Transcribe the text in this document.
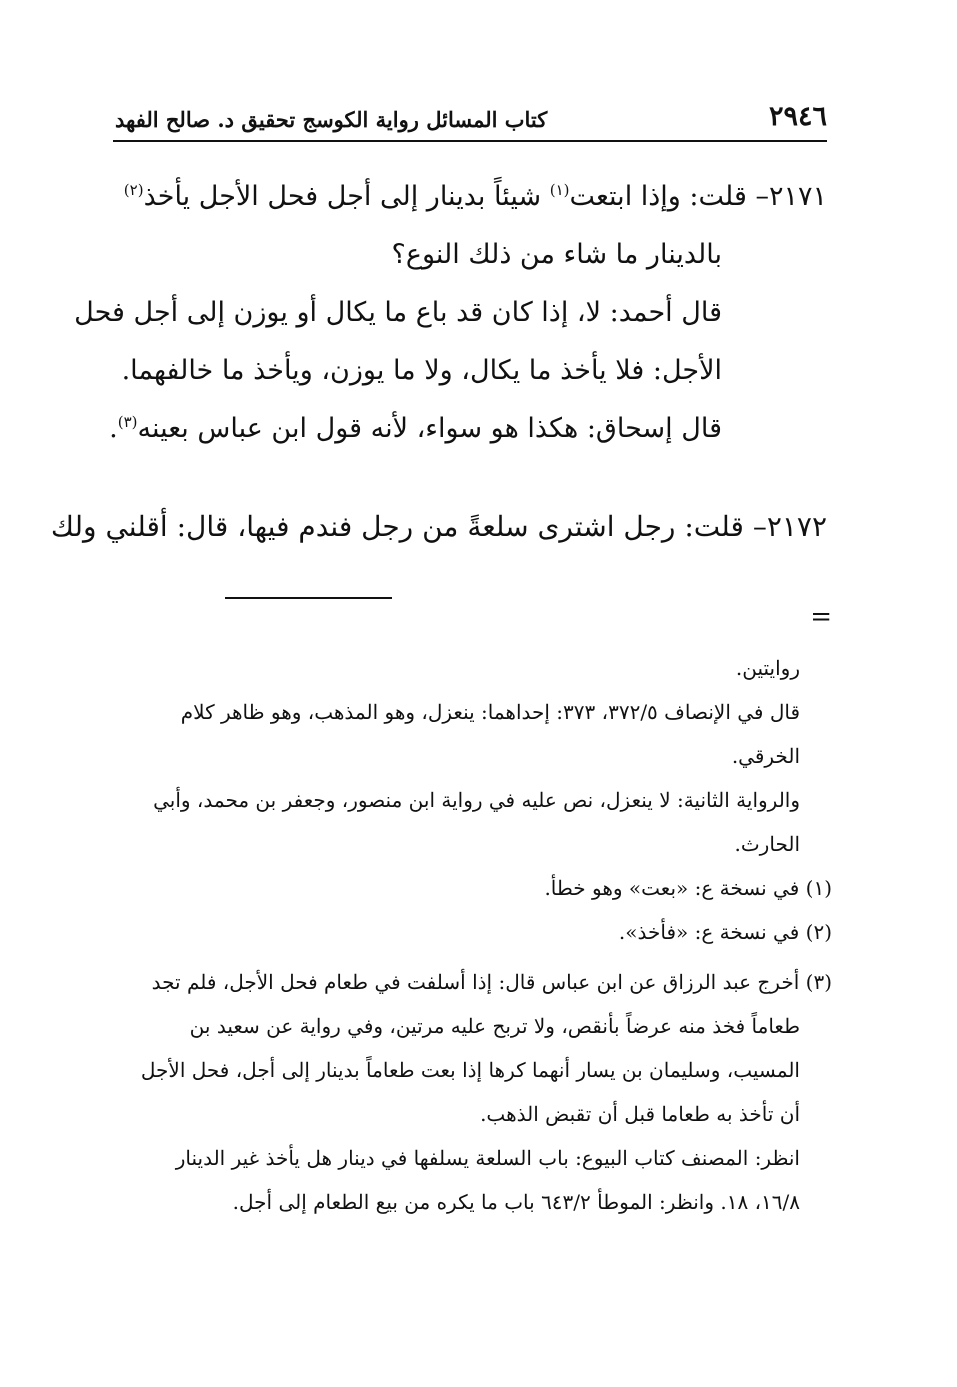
٢٩٤٦
كتاب المسائل رواية الكوسج تحقيق د. صالح الفهد
٢١٧١– قلت: وإذا ابتعت$^{(١)}$ شيئاً بدينار إلى أجل فحل الأجل يأخذ$^{(٢)}$
بالدينار ما شاء من ذلك النوع؟
قال أحمد: لا، إذا كان قد باع ما يكال أو يوزن إلى أجل فحل
الأجل: فلا يأخذ ما يكال، ولا ما يوزن، ويأخذ ما خالفهما.
قال إسحاق: هكذا هو سواء، لأنه قول ابن عباس بعينه$^{(٣)}$.
٢١٧٢– قلت: رجل اشترى سلعةً من رجل فندم فيها، قال: أقلني ولك
=
روايتين.
قال في الإنصاف ٣٧٢/٥، ٣٧٣: إحداهما: ينعزل، وهو المذهب، وهو ظاهر كلام
الخرقي.
والرواية الثانية: لا ينعزل، نص عليه في رواية ابن منصور، وجعفر بن محمد، وأبي
الحارث.
(١) في نسخة ع: «بعت» وهو خطأ.
(٢) في نسخة ع: «فأخذ».
(٣) أخرج عبد الرزاق عن ابن عباس قال: إذا أسلفت في طعام فحل الأجل، فلم تجد
طعاماً فخذ منه عرضاً بأنقص، ولا تربح عليه مرتين، وفي رواية عن سعيد بن
المسيب، وسليمان بن يسار أنهما كرها إذا بعت طعاماً بدينار إلى أجل، فحل الأجل
أن تأخذ به طعاما قبل أن تقبض الذهب.
انظر: المصنف كتاب البيوع: باب السلعة يسلفها في دينار هل يأخذ غير الدينار
١٦/٨، ١٨. وانظر: الموطأ ٦٤٣/٢ باب ما يكره من بيع الطعام إلى أجل.
